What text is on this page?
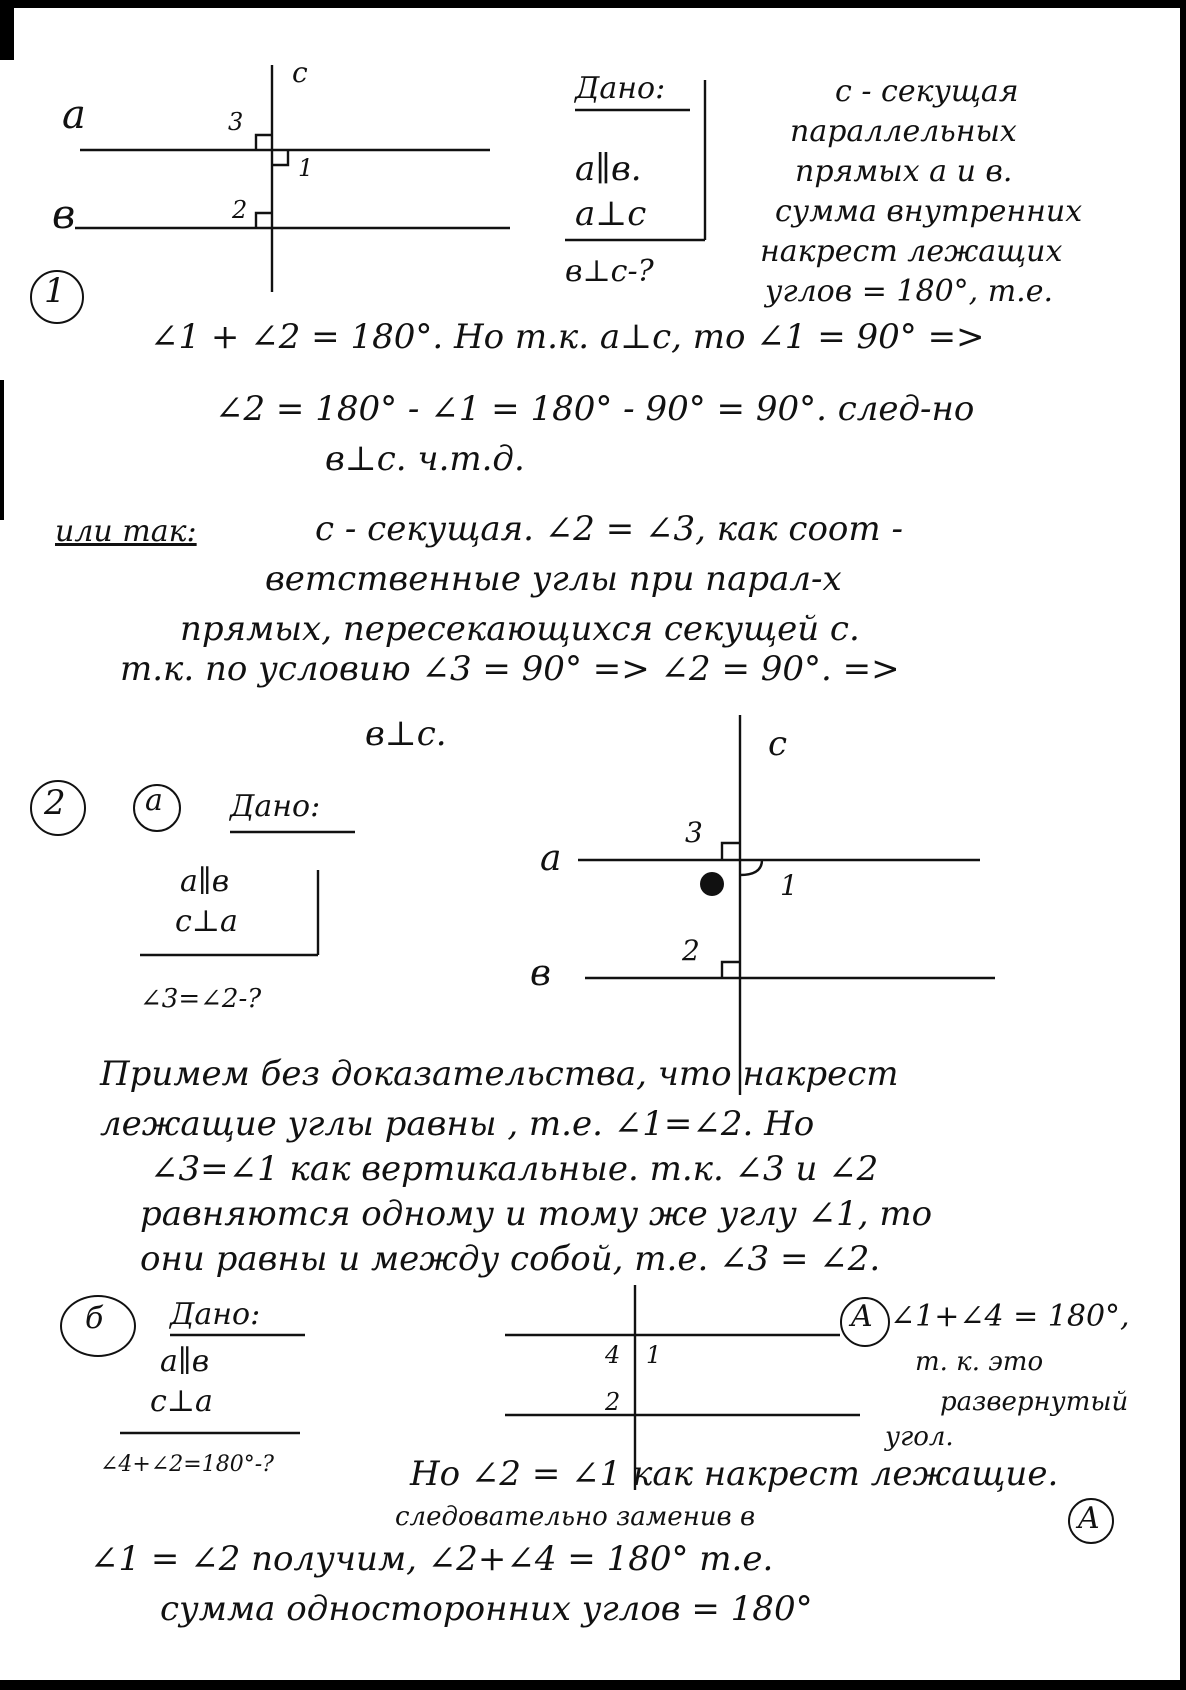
c
a
в
3
1
2
c
a
в
3
1
2
4 1
2
1
Дано:
a∥в.
a⊥c
в⊥c-?
c - секущая
параллельных
прямых a и в.
сумма внутренних
накрест лежащих
углов = 180°, т.е.
∠1 + ∠2 = 180°. Но т.к. a⊥c, то ∠1 = 90° =>
∠2 = 180° - ∠1 = 180° - 90° = 90°. след-но
в⊥c. ч.т.д.
или так:	c - секущая. ∠2 = ∠3, как соот -
ветственные углы при парал-х
прямых, пересекающихся секущей c.
т.к. по условию ∠3 = 90° => ∠2 = 90°. =>
в⊥c.
2	a Дано:
a∥в
c⊥a
∠3=∠2-?
Примем без доказательства, что накрест
лежащие углы равны , т.е. ∠1=∠2. Но
∠3=∠1 как вертикальные. т.к. ∠3 и ∠2
равняются одному и тому же углу ∠1, то
они равны и между собой, т.е. ∠3 = ∠2.
б Дано:
a∥в
c⊥a
∠4+∠2=180°-?
A ∠1+∠4 = 180°,
т. к. это
развернутый
угол.
Но ∠2 = ∠1 как накрест лежащие.
следовательно заменив в	A
∠1 = ∠2 получим, ∠2+∠4 = 180° т.е.
сумма односторонних углов = 180°
